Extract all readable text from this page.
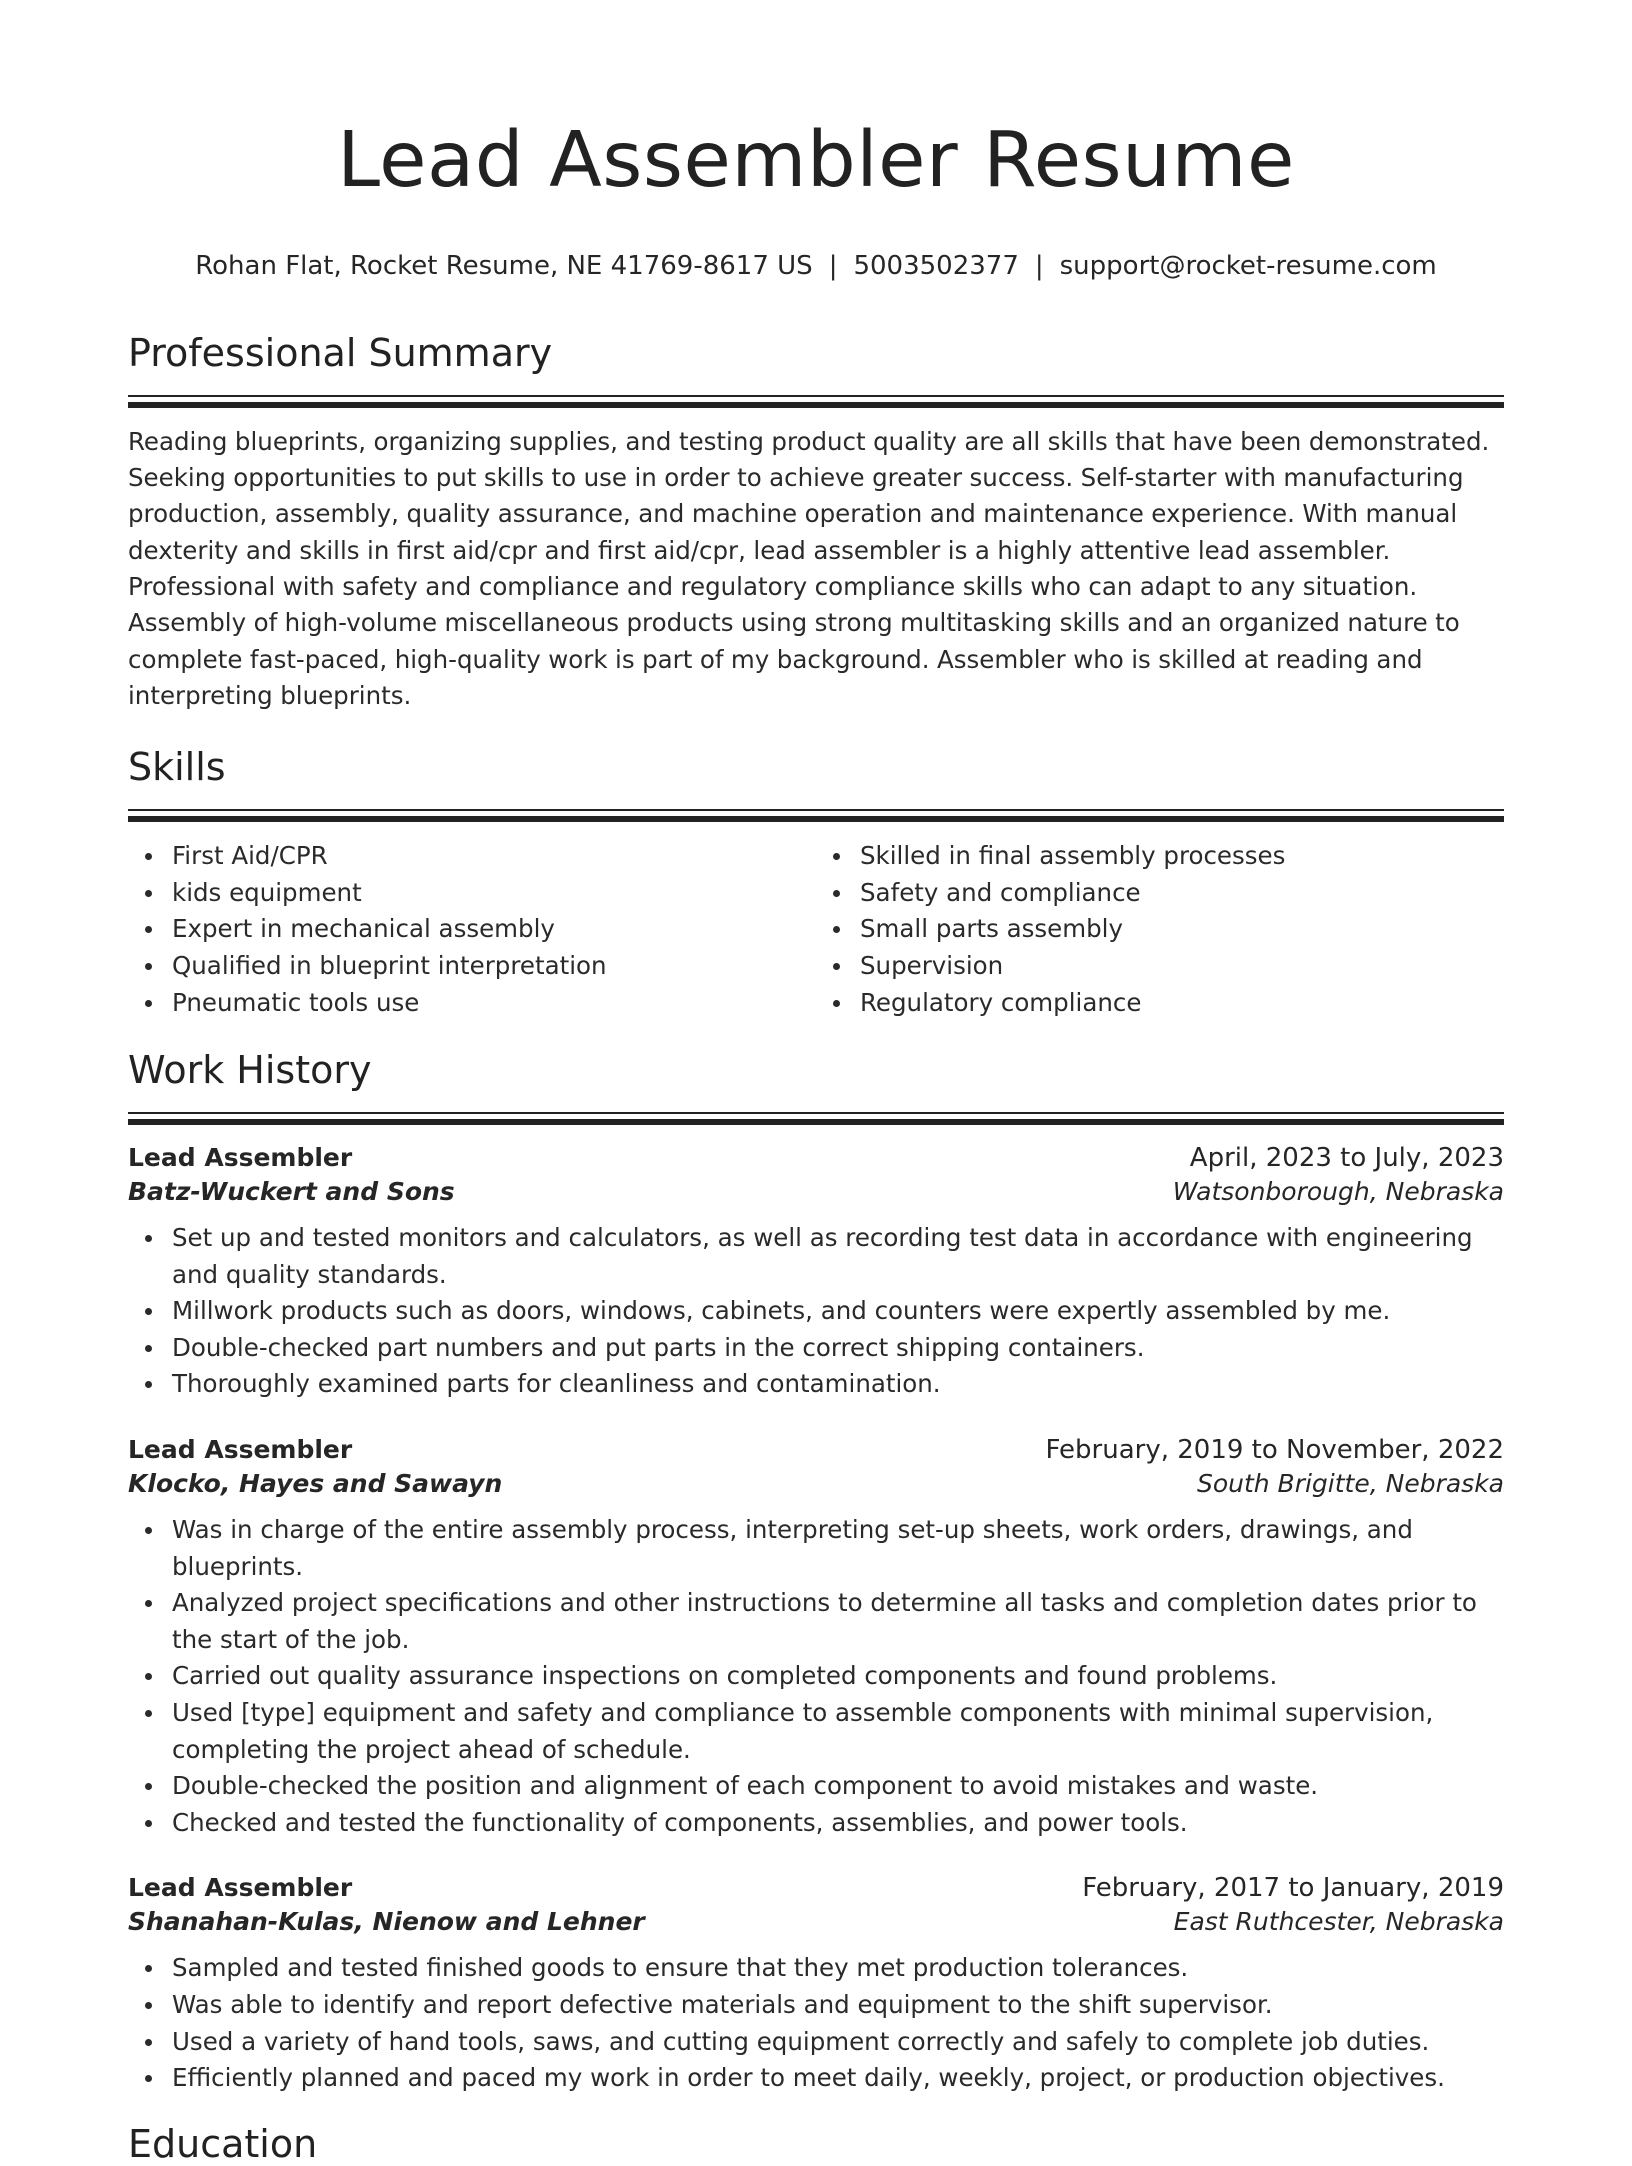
Lead Assembler Resume
Rohan Flat, Rocket Resume, NE 41769-8617 US | 5003502377 | support@rocket-resume.com
Professional Summary

Reading blueprints, organizing supplies, and testing product quality are all skills that have been demonstrated. Seeking opportunities to put skills to use in order to achieve greater success. Self-starter with manufacturing production, assembly, quality assurance, and machine operation and maintenance experience. With manual dexterity and skills in first aid/cpr and first aid/cpr, lead assembler is a highly attentive lead assembler. Professional with safety and compliance and regulatory compliance skills who can adapt to any situation. Assembly of high-volume miscellaneous products using strong multitasking skills and an organized nature to complete fast-paced, high-quality work is part of my background. Assembler who is skilled at reading and interpreting blueprints.

Skills
First Aid/CPR
kids equipment
Expert in mechanical assembly
Qualified in blueprint interpretation
Pneumatic tools use
Skilled in final assembly processes
Safety and compliance
Small parts assembly
Supervision
Regulatory compliance
Work History
Lead Assembler	April, 2023 to July, 2023
Batz-Wuckert and Sons	Watsonborough, Nebraska
Set up and tested monitors and calculators, as well as recording test data in accordance with engineering and quality standards.
Millwork products such as doors, windows, cabinets, and counters were expertly assembled by me.
Double-checked part numbers and put parts in the correct shipping containers.
Thoroughly examined parts for cleanliness and contamination.
Lead Assembler	February, 2019 to November, 2022
Klocko, Hayes and Sawayn	South Brigitte, Nebraska
Was in charge of the entire assembly process, interpreting set-up sheets, work orders, drawings, and blueprints.
Analyzed project specifications and other instructions to determine all tasks and completion dates prior to the start of the job.
Carried out quality assurance inspections on completed components and found problems.
Used [type] equipment and safety and compliance to assemble components with minimal supervision, completing the project ahead of schedule.
Double-checked the position and alignment of each component to avoid mistakes and waste.
Checked and tested the functionality of components, assemblies, and power tools.
Lead Assembler	February, 2017 to January, 2019
Shanahan-Kulas, Nienow and Lehner	East Ruthcester, Nebraska
Sampled and tested finished goods to ensure that they met production tolerances.
Was able to identify and report defective materials and equipment to the shift supervisor.
Used a variety of hand tools, saws, and cutting equipment correctly and safely to complete job duties.
Efficiently planned and paced my work in order to meet daily, weekly, project, or production objectives.
Education
